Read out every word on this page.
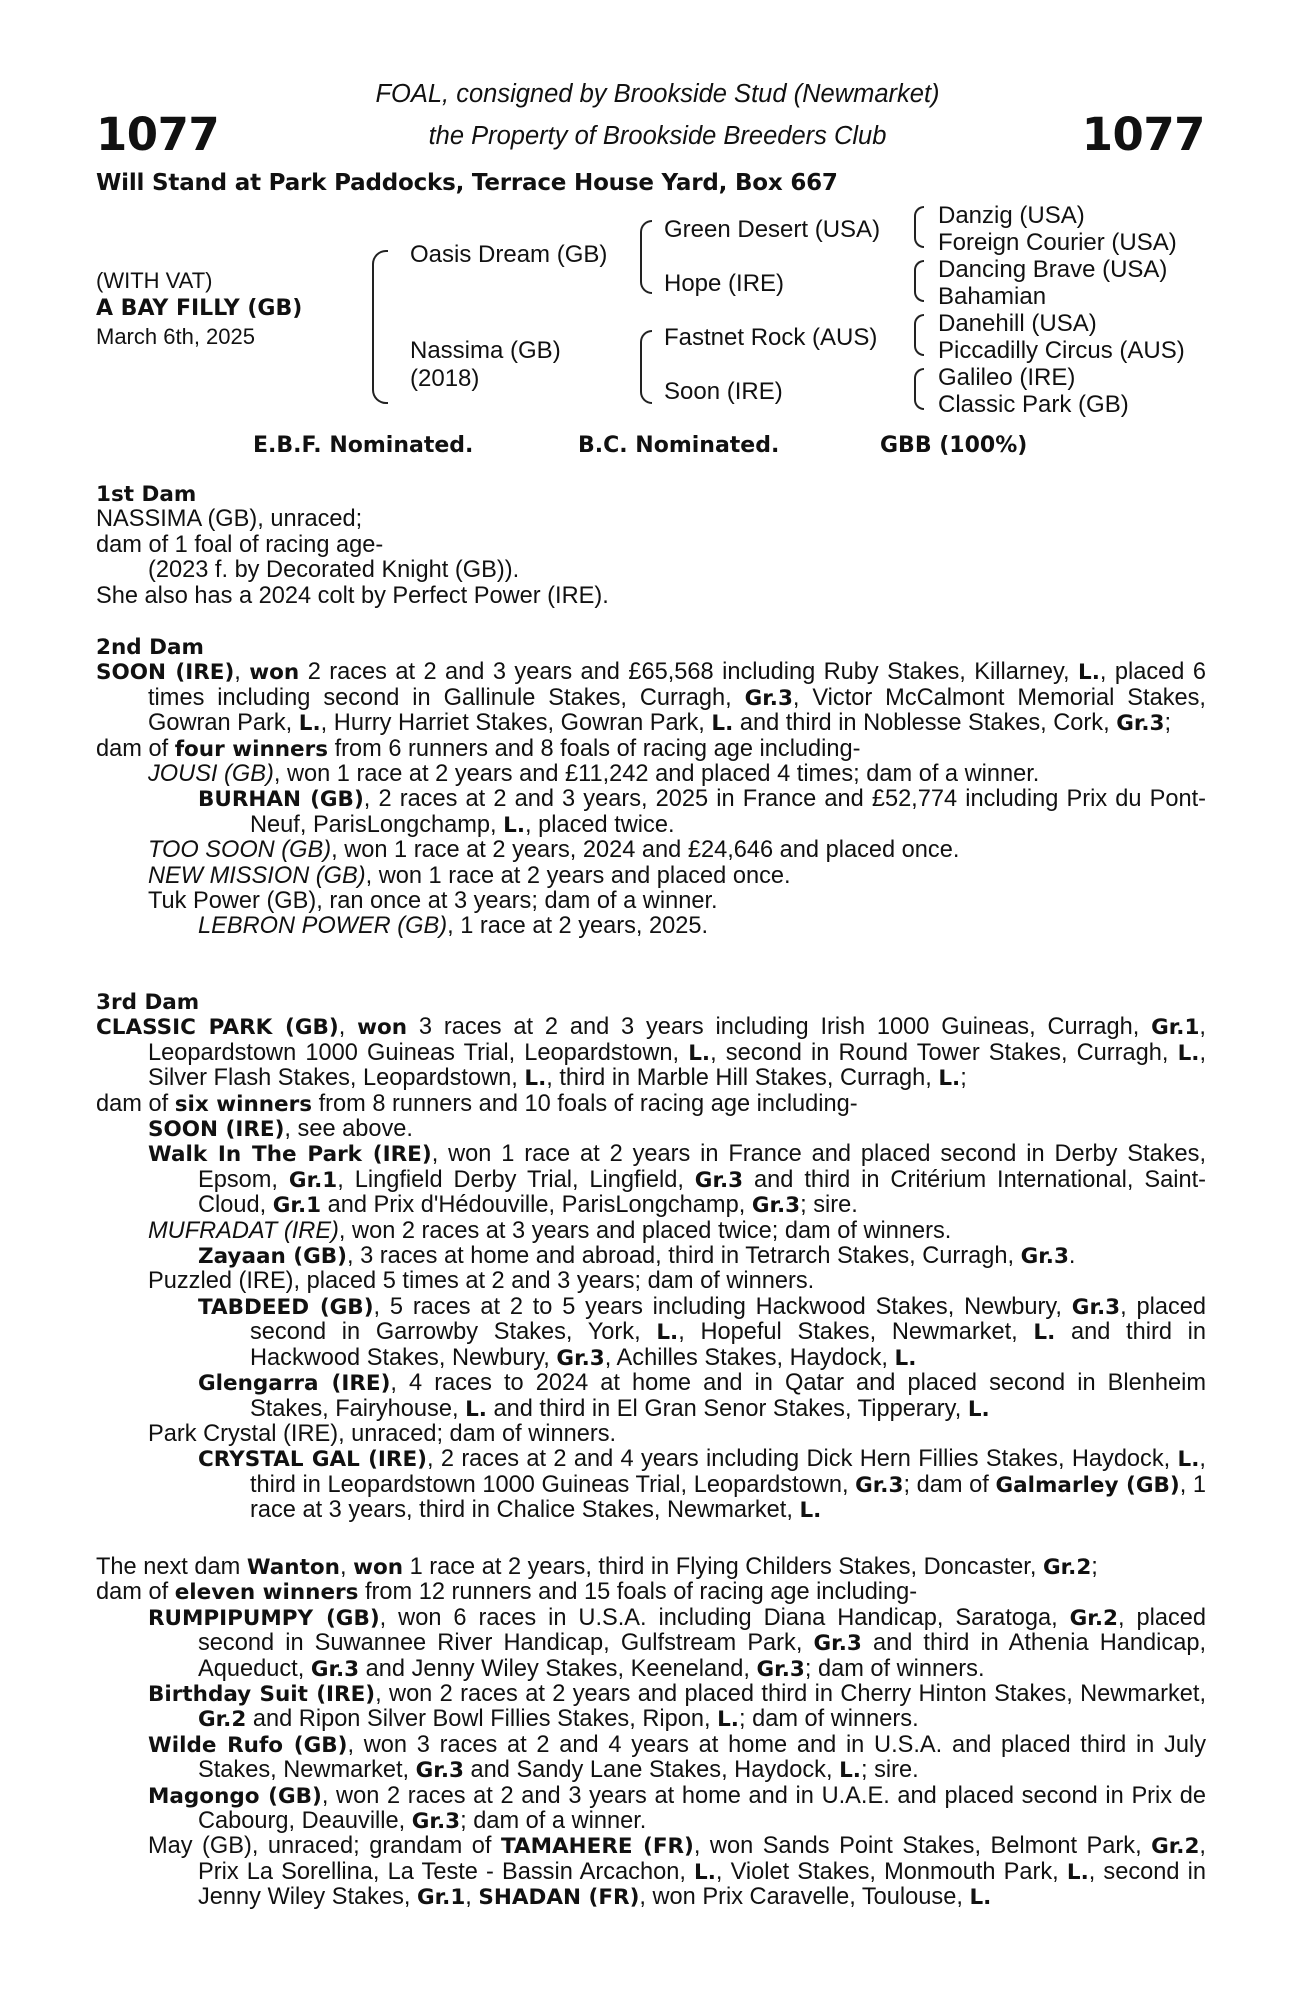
1077	1077
FOAL, consigned by Brookside Stud (Newmarket)
the Property of Brookside Breeders Club
Will Stand at Park Paddocks, Terrace House Yard, Box 667
(WITH VAT)
A BAY FILLY (GB)
March 6th, 2025
Oasis Dream (GB)
Nassima (GB)
(2018)
Green Desert (USA)
Hope (IRE)
Fastnet Rock (AUS)
Soon (IRE)
Danzig (USA)
Foreign Courier (USA)
Dancing Brave (USA)
Bahamian
Danehill (USA)
Piccadilly Circus (AUS)
Galileo (IRE)
Classic Park (GB)
E.B.F. Nominated.	B.C. Nominated.	GBB (100%)

1st Dam

NASSIMA (GB), unraced;

dam of 1 foal of racing age-

(2023 f. by Decorated Knight (GB)).

She also has a 2024 colt by Perfect Power (IRE).

2nd Dam

SOON (IRE), won 2 races at 2 and 3 years and £65,568 including Ruby Stakes, Killarney, L., placed 6 times including second in Gallinule Stakes, Curragh, Gr.3, Victor McCalmont Memorial Stakes, Gowran Park, L., Hurry Harriet Stakes, Gowran Park, L. and third in Noblesse Stakes, Cork, Gr.3;

dam of four winners from 6 runners and 8 foals of racing age including-

JOUSI (GB), won 1 race at 2 years and £11,242 and placed 4 times; dam of a winner.

BURHAN (GB), 2 races at 2 and 3 years, 2025 in France and £52,774 including Prix du Pont-Neuf, ParisLongchamp, L., placed twice.

TOO SOON (GB), won 1 race at 2 years, 2024 and £24,646 and placed once.

NEW MISSION (GB), won 1 race at 2 years and placed once.

Tuk Power (GB), ran once at 3 years; dam of a winner.

LEBRON POWER (GB), 1 race at 2 years, 2025.

3rd Dam

CLASSIC PARK (GB), won 3 races at 2 and 3 years including Irish 1000 Guineas, Curragh, Gr.1, Leopardstown 1000 Guineas Trial, Leopardstown, L., second in Round Tower Stakes, Curragh, L., Silver Flash Stakes, Leopardstown, L., third in Marble Hill Stakes, Curragh, L.;

dam of six winners from 8 runners and 10 foals of racing age including-

SOON (IRE), see above.

Walk In The Park (IRE), won 1 race at 2 years in France and placed second in Derby Stakes, Epsom, Gr.1, Lingfield Derby Trial, Lingfield, Gr.3 and third in Critérium International, Saint-Cloud, Gr.1 and Prix d'Hédouville, ParisLongchamp, Gr.3; sire.

MUFRADAT (IRE), won 2 races at 3 years and placed twice; dam of winners.

Zayaan (GB), 3 races at home and abroad, third in Tetrarch Stakes, Curragh, Gr.3.

Puzzled (IRE), placed 5 times at 2 and 3 years; dam of winners.

TABDEED (GB), 5 races at 2 to 5 years including Hackwood Stakes, Newbury, Gr.3, placed second in Garrowby Stakes, York, L., Hopeful Stakes, Newmarket, L. and third in Hackwood Stakes, Newbury, Gr.3, Achilles Stakes, Haydock, L.

Glengarra (IRE), 4 races to 2024 at home and in Qatar and placed second in Blenheim Stakes, Fairyhouse, L. and third in El Gran Senor Stakes, Tipperary, L.

Park Crystal (IRE), unraced; dam of winners.

CRYSTAL GAL (IRE), 2 races at 2 and 4 years including Dick Hern Fillies Stakes, Haydock, L., third in Leopardstown 1000 Guineas Trial, Leopardstown, Gr.3; dam of Galmarley (GB), 1 race at 3 years, third in Chalice Stakes, Newmarket, L.

The next dam Wanton, won 1 race at 2 years, third in Flying Childers Stakes, Doncaster, Gr.2;

dam of eleven winners from 12 runners and 15 foals of racing age including-

RUMPIPUMPY (GB), won 6 races in U.S.A. including Diana Handicap, Saratoga, Gr.2, placed second in Suwannee River Handicap, Gulfstream Park, Gr.3 and third in Athenia Handicap, Aqueduct, Gr.3 and Jenny Wiley Stakes, Keeneland, Gr.3; dam of winners.

Birthday Suit (IRE), won 2 races at 2 years and placed third in Cherry Hinton Stakes, Newmarket, Gr.2 and Ripon Silver Bowl Fillies Stakes, Ripon, L.; dam of winners.

Wilde Rufo (GB), won 3 races at 2 and 4 years at home and in U.S.A. and placed third in July Stakes, Newmarket, Gr.3 and Sandy Lane Stakes, Haydock, L.; sire.

Magongo (GB), won 2 races at 2 and 3 years at home and in U.A.E. and placed second in Prix de Cabourg, Deauville, Gr.3; dam of a winner.

May (GB), unraced; grandam of TAMAHERE (FR), won Sands Point Stakes, Belmont Park, Gr.2, Prix La Sorellina, La Teste - Bassin Arcachon, L., Violet Stakes, Monmouth Park, L., second in Jenny Wiley Stakes, Gr.1, SHADAN (FR), won Prix Caravelle, Toulouse, L.
